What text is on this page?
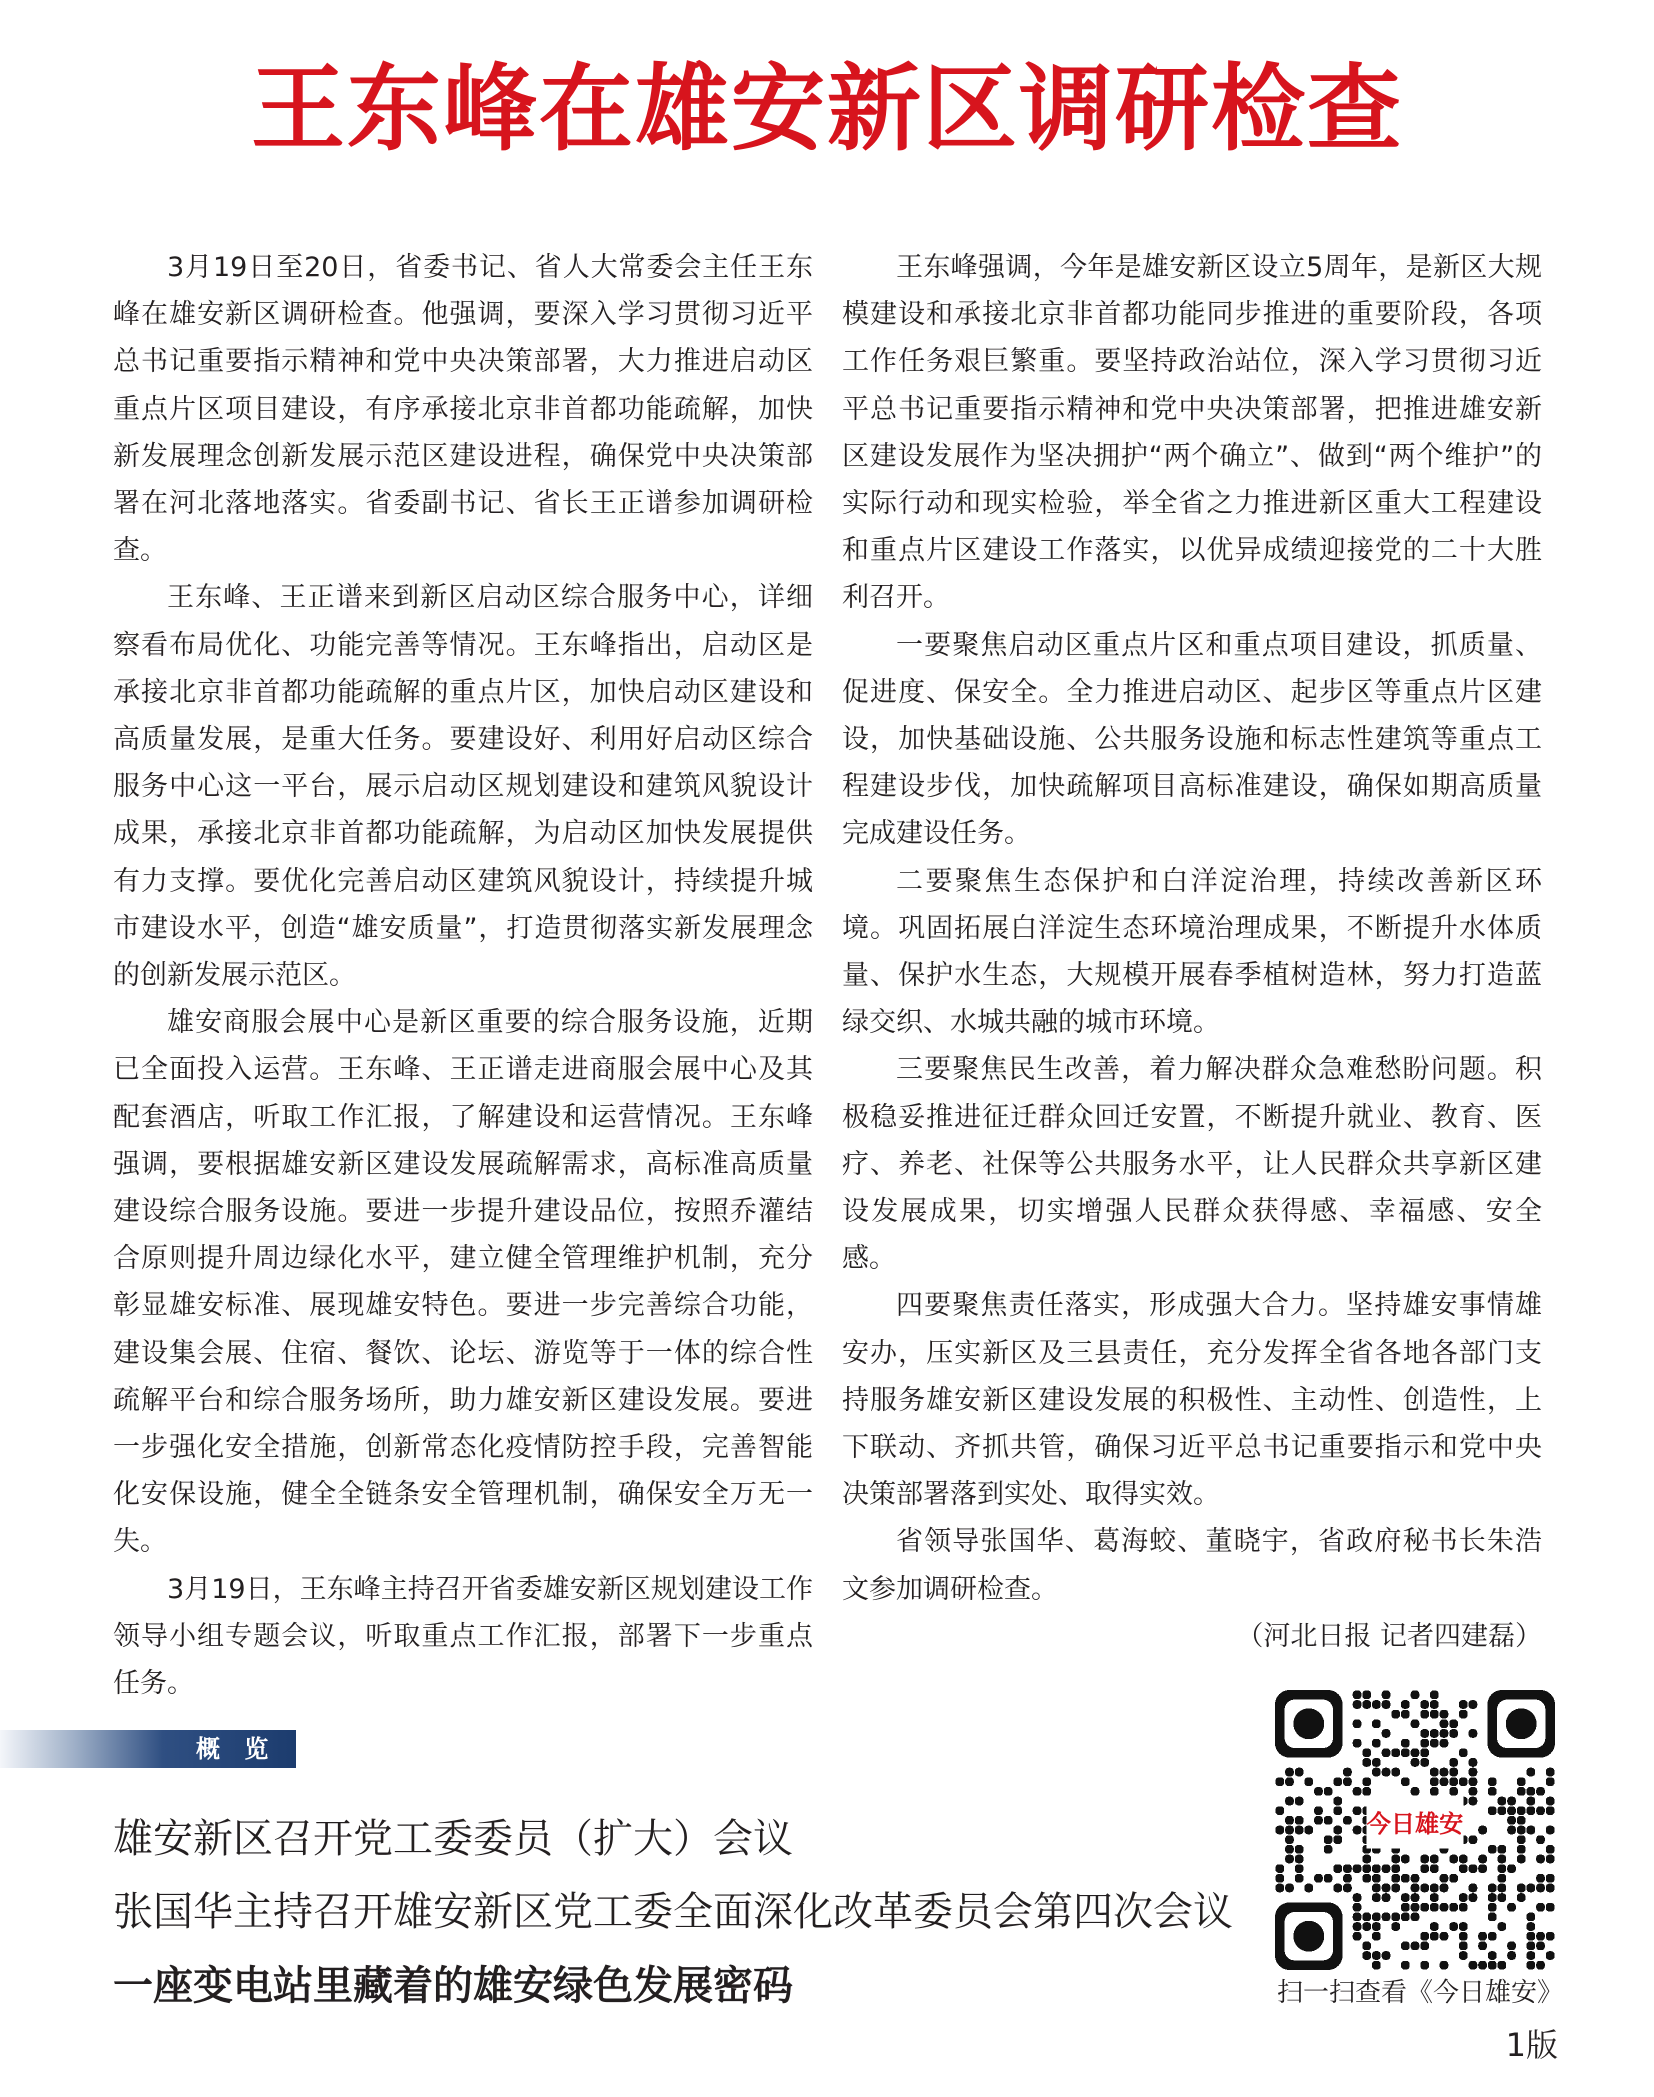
王东峰在雄安新区调研检查

3月19日至20日，省委书记、省人大常委会主任王东峰在雄安新区调研检查。他强调，要深入学习贯彻习近平总书记重要指示精神和党中央决策部署，大力推进启动区重点片区项目建设，有序承接北京非首都功能疏解，加快新发展理念创新发展示范区建设进程，确保党中央决策部署在河北落地落实。省委副书记、省长王正谱参加调研检查。

王东峰、王正谱来到新区启动区综合服务中心，详细察看布局优化、功能完善等情况。王东峰指出，启动区是承接北京非首都功能疏解的重点片区，加快启动区建设和高质量发展，是重大任务。要建设好、利用好启动区综合服务中心这一平台，展示启动区规划建设和建筑风貌设计成果，承接北京非首都功能疏解，为启动区加快发展提供有力支撑。要优化完善启动区建筑风貌设计，持续提升城市建设水平，创造“雄安质量”，打造贯彻落实新发展理念的创新发展示范区。

雄安商服会展中心是新区重要的综合服务设施，近期已全面投入运营。王东峰、王正谱走进商服会展中心及其配套酒店，听取工作汇报，了解建设和运营情况。王东峰强调，要根据雄安新区建设发展疏解需求，高标准高质量建设综合服务设施。要进一步提升建设品位，按照乔灌结合原则提升周边绿化水平，建立健全管理维护机制，充分彰显雄安标准、展现雄安特色。要进一步完善综合功能，建设集会展、住宿、餐饮、论坛、游览等于一体的综合性疏解平台和综合服务场所，助力雄安新区建设发展。要进一步强化安全措施，创新常态化疫情防控手段，完善智能化安保设施，健全全链条安全管理机制，确保安全万无一失。

3月19日，王东峰主持召开省委雄安新区规划建设工作领导小组专题会议，听取重点工作汇报，部署下一步重点任务。

王东峰强调，今年是雄安新区设立5周年，是新区大规模建设和承接北京非首都功能同步推进的重要阶段，各项工作任务艰巨繁重。要坚持政治站位，深入学习贯彻习近平总书记重要指示精神和党中央决策部署，把推进雄安新区建设发展作为坚决拥护“两个确立”、做到“两个维护”的实际行动和现实检验，举全省之力推进新区重大工程建设和重点片区建设工作落实，以优异成绩迎接党的二十大胜利召开。

一要聚焦启动区重点片区和重点项目建设，抓质量、促进度、保安全。全力推进启动区、起步区等重点片区建设，加快基础设施、公共服务设施和标志性建筑等重点工程建设步伐，加快疏解项目高标准建设，确保如期高质量完成建设任务。

二要聚焦生态保护和白洋淀治理，持续改善新区环境。巩固拓展白洋淀生态环境治理成果，不断提升水体质量、保护水生态，大规模开展春季植树造林，努力打造蓝绿交织、水城共融的城市环境。

三要聚焦民生改善，着力解决群众急难愁盼问题。积极稳妥推进征迁群众回迁安置，不断提升就业、教育、医疗、养老、社保等公共服务水平，让人民群众共享新区建设发展成果，切实增强人民群众获得感、幸福感、安全感。

四要聚焦责任落实，形成强大合力。坚持雄安事情雄安办，压实新区及三县责任，充分发挥全省各地各部门支持服务雄安新区建设发展的积极性、主动性、创造性，上下联动、齐抓共管，确保习近平总书记重要指示和党中央决策部署落到实处、取得实效。

省领导张国华、葛海蛟、董晓宇，省政府秘书长朱浩文参加调研检查。

（河北日报 记者四建磊）

概 览
雄安新区召开党工委委员（扩大）会议
张国华主持召开雄安新区党工委全面深化改革委员会第四次会议
一座变电站里藏着的雄安绿色发展密码
今日雄安
扫一扫查看《今日雄安》
1版
